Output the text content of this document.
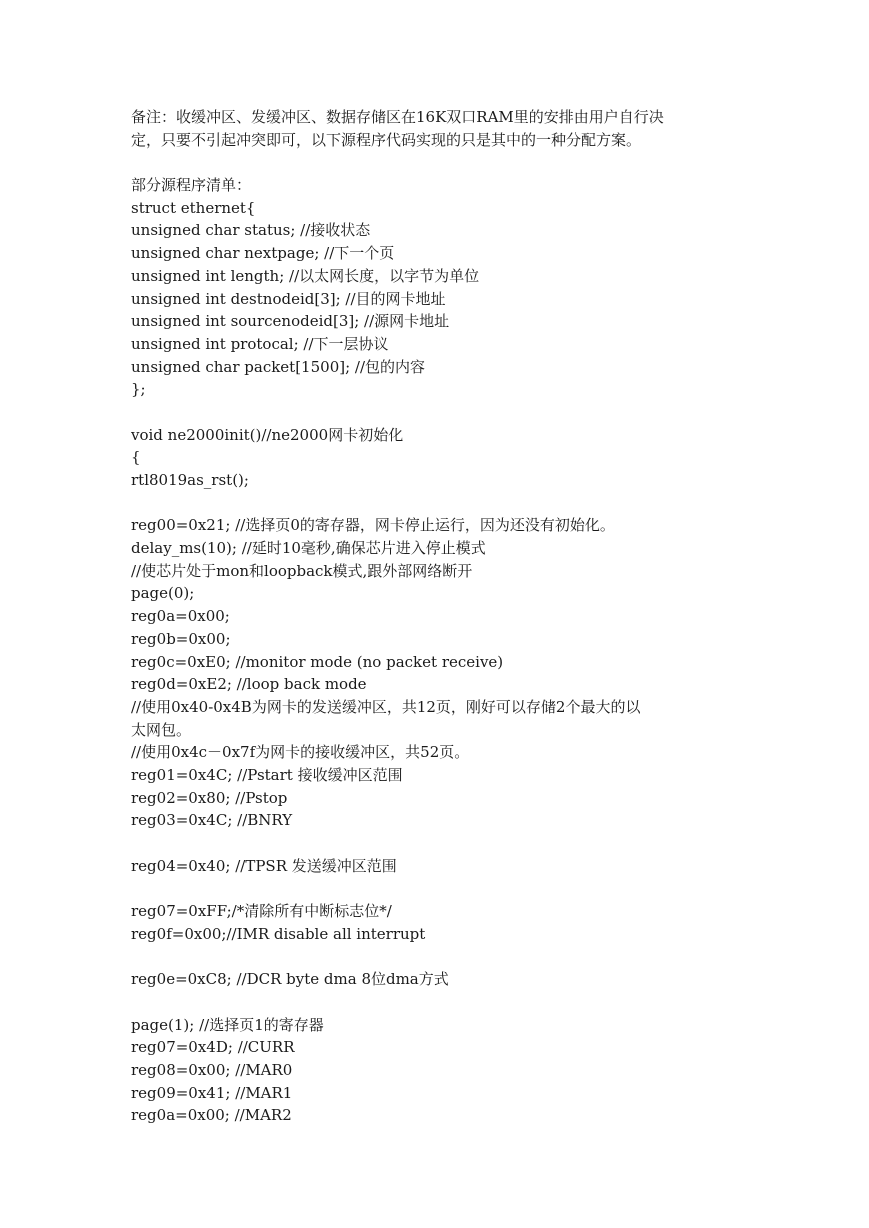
备注：收缓冲区、发缓冲区、数据存储区在16K双口RAM里的安排由用户自行决
定，只要不引起冲突即可，以下源程序代码实现的只是其中的一种分配方案。
部分源程序清单：
struct ethernet{
unsigned char status; //接收状态
unsigned char nextpage; //下一个页
unsigned int length; //以太网长度，以字节为单位
unsigned int destnodeid[3]; //目的网卡地址
unsigned int sourcenodeid[3]; //源网卡地址
unsigned int protocal; //下一层协议
unsigned char packet[1500]; //包的内容
};
void ne2000init()//ne2000网卡初始化
{
rtl8019as_rst();
reg00=0x21; //选择页0的寄存器，网卡停止运行，因为还没有初始化。
delay_ms(10); //延时10毫秒,确保芯片进入停止模式
//使芯片处于mon和loopback模式,跟外部网络断开
page(0);
reg0a=0x00;
reg0b=0x00;
reg0c=0xE0; //monitor mode (no packet receive)
reg0d=0xE2; //loop back mode
//使用0x40-0x4B为网卡的发送缓冲区，共12页，刚好可以存储2个最大的以
太网包。
//使用0x4c－0x7f为网卡的接收缓冲区，共52页。
reg01=0x4C; //Pstart 接收缓冲区范围
reg02=0x80; //Pstop
reg03=0x4C; //BNRY
reg04=0x40; //TPSR 发送缓冲区范围
reg07=0xFF;/*清除所有中断标志位*/
reg0f=0x00;//IMR disable all interrupt
reg0e=0xC8; //DCR byte dma 8位dma方式
page(1); //选择页1的寄存器
reg07=0x4D; //CURR
reg08=0x00; //MAR0
reg09=0x41; //MAR1
reg0a=0x00; //MAR2
